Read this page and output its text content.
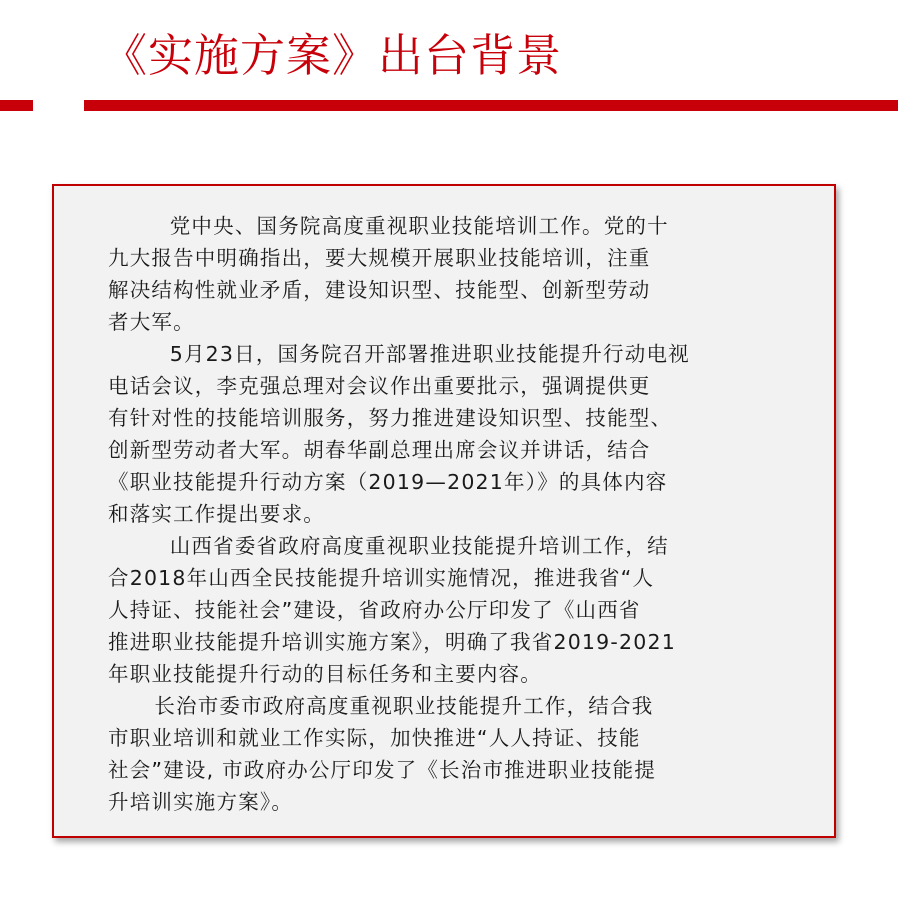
《实施方案》出台背景

党中央、国务院高度重视职业技能培训工作。党的十
九大报告中明确指出，要大规模开展职业技能培训，注重
解决结构性就业矛盾，建设知识型、技能型、创新型劳动
者大军。

5月23日，国务院召开部署推进职业技能提升行动电视
电话会议，李克强总理对会议作出重要批示，强调提供更
有针对性的技能培训服务，努力推进建设知识型、技能型、
创新型劳动者大军。胡春华副总理出席会议并讲话，结合
《职业技能提升行动方案（2019—2021年）》的具体内容
和落实工作提出要求。

山西省委省政府高度重视职业技能提升培训工作，结
合2018年山西全民技能提升培训实施情况，推进我省“人
人持证、技能社会”建设，省政府办公厅印发了《山西省
推进职业技能提升培训实施方案》，明确了我省2019-2021
年职业技能提升行动的目标任务和主要内容。

长治市委市政府高度重视职业技能提升工作，结合我
市职业培训和就业工作实际，加快推进“人人持证、技能
社会”建设, 市政府办公厅印发了《长治市推进职业技能提
升培训实施方案》。
